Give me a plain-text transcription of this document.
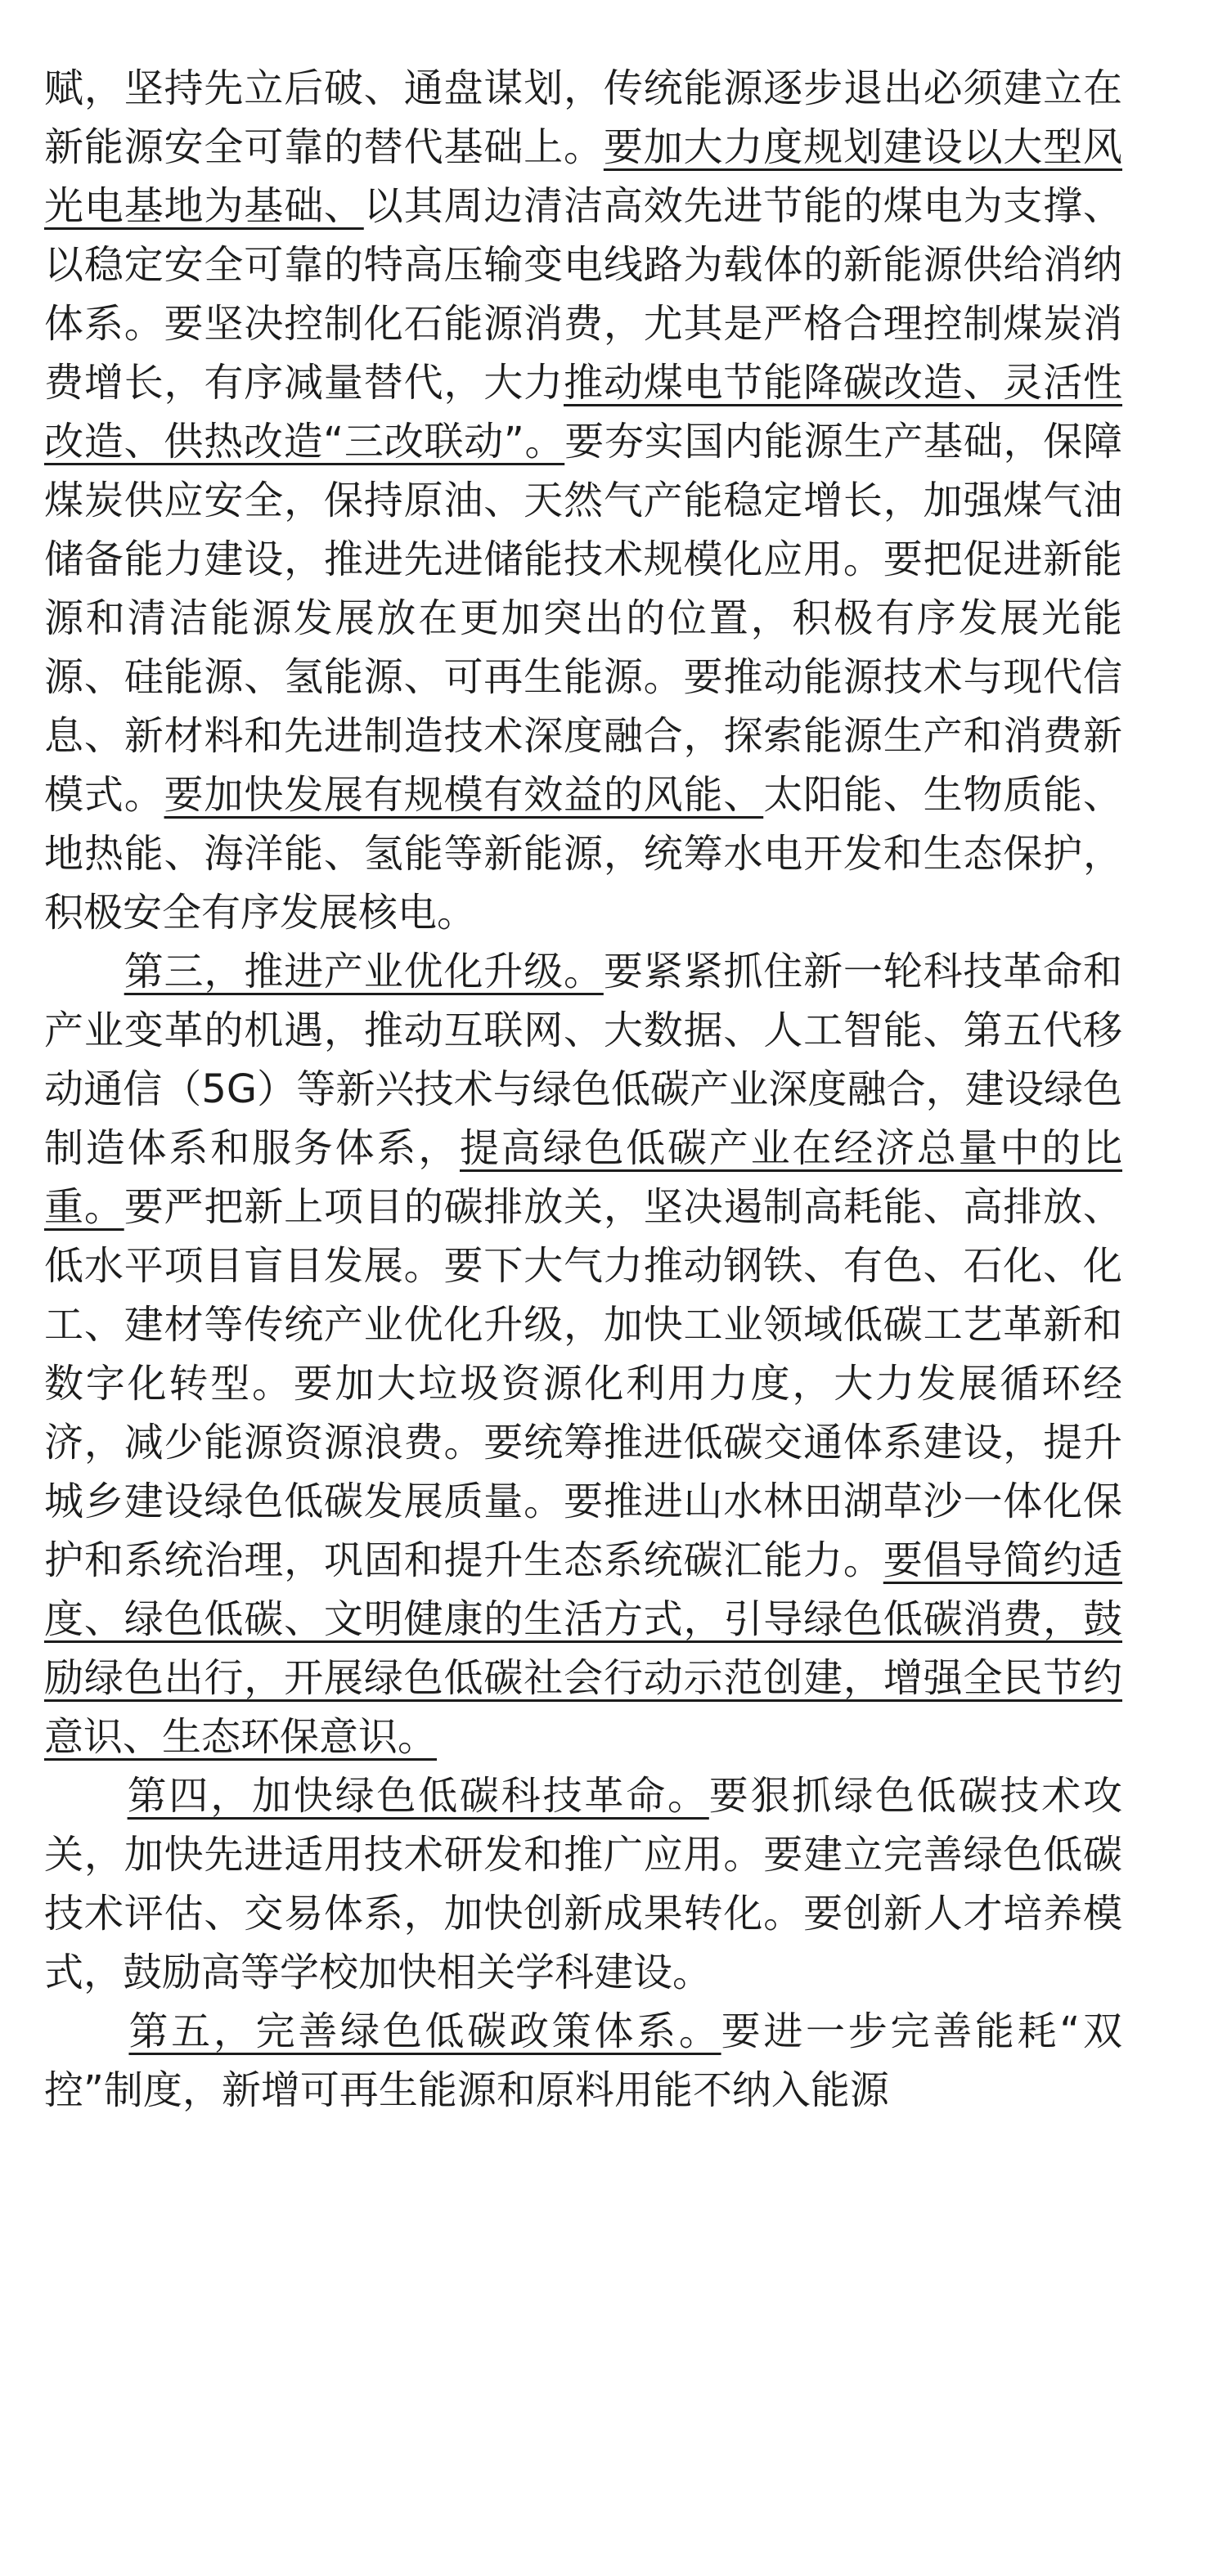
赋，坚持先立后破、通盘谋划，传统能源逐步退出必须建立在新能源安全可靠的替代基础上。要加大力度规划建设以大型风光电基地为基础、以其周边清洁高效先进节能的煤电为支撑、以稳定安全可靠的特高压输变电线路为载体的新能源供给消纳体系。要坚决控制化石能源消费，尤其是严格合理控制煤炭消费增长，有序减量替代，大力推动煤电节能降碳改造、灵活性改造、供热改造“三改联动”。要夯实国内能源生产基础，保障煤炭供应安全，保持原油、天然气产能稳定增长，加强煤气油储备能力建设，推进先进储能技术规模化应用。要把促进新能源和清洁能源发展放在更加突出的位置，积极有序发展光能源、硅能源、氢能源、可再生能源。要推动能源技术与现代信息、新材料和先进制造技术深度融合，探索能源生产和消费新模式。要加快发展有规模有效益的风能、太阳能、生物质能、地热能、海洋能、氢能等新能源，统筹水电开发和生态保护，积极安全有序发展核电。

　　第三，推进产业优化升级。要紧紧抓住新一轮科技革命和产业变革的机遇，推动互联网、大数据、人工智能、第五代移动通信（5G）等新兴技术与绿色低碳产业深度融合，建设绿色制造体系和服务体系，提高绿色低碳产业在经济总量中的比重。要严把新上项目的碳排放关，坚决遏制高耗能、高排放、低水平项目盲目发展。要下大气力推动钢铁、有色、石化、化工、建材等传统产业优化升级，加快工业领域低碳工艺革新和数字化转型。要加大垃圾资源化利用力度，大力发展循环经济，减少能源资源浪费。要统筹推进低碳交通体系建设，提升城乡建设绿色低碳发展质量。要推进山水林田湖草沙一体化保护和系统治理，巩固和提升生态系统碳汇能力。要倡导简约适度、绿色低碳、文明健康的生活方式，引导绿色低碳消费，鼓励绿色出行，开展绿色低碳社会行动示范创建，增强全民节约意识、生态环保意识。

　　第四，加快绿色低碳科技革命。要狠抓绿色低碳技术攻关，加快先进适用技术研发和推广应用。要建立完善绿色低碳技术评估、交易体系，加快创新成果转化。要创新人才培养模式，鼓励高等学校加快相关学科建设。

　　第五，完善绿色低碳政策体系。要进一步完善能耗“双控”制度，新增可再生能源和原料用能不纳入能源
